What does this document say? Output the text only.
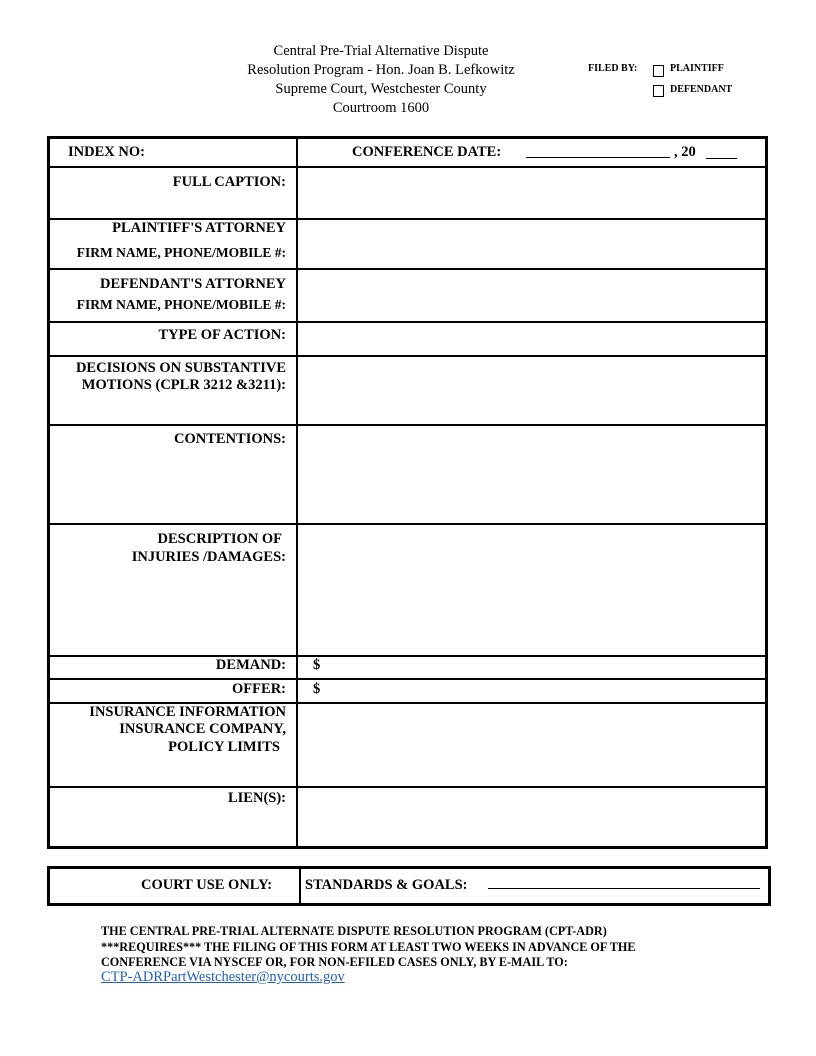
Central Pre-Trial Alternative Dispute
Resolution Program - Hon. Joan B. Lefkowitz
Supreme Court, Westchester County
Courtroom 1600
FILED BY:	PLAINTIFF
DEFENDANT
INDEX NO:	CONFERENCE DATE:	, 20
FULL CAPTION:
PLAINTIFF'S ATTORNEY
FIRM NAME, PHONE/MOBILE #:
DEFENDANT'S ATTORNEY
FIRM NAME, PHONE/MOBILE #:
TYPE OF ACTION:
DECISIONS ON SUBSTANTIVE
MOTIONS (CPLR 3212 &3211):
CONTENTIONS:
DESCRIPTION OF
INJURIES /DAMAGES:
DEMAND: $
OFFER: $
INSURANCE INFORMATION
INSURANCE COMPANY,
POLICY LIMITS
LIEN(S):
COURT USE ONLY: STANDARDS & GOALS:
THE CENTRAL PRE-TRIAL ALTERNATE DISPUTE RESOLUTION PROGRAM (CPT-ADR)
***REQUIRES*** THE FILING OF THIS FORM AT LEAST TWO WEEKS IN ADVANCE OF THE
CONFERENCE VIA NYSCEF OR, FOR NON-EFILED CASES ONLY, BY E-MAIL TO:
CTP-ADRPartWestchester@nycourts.gov
